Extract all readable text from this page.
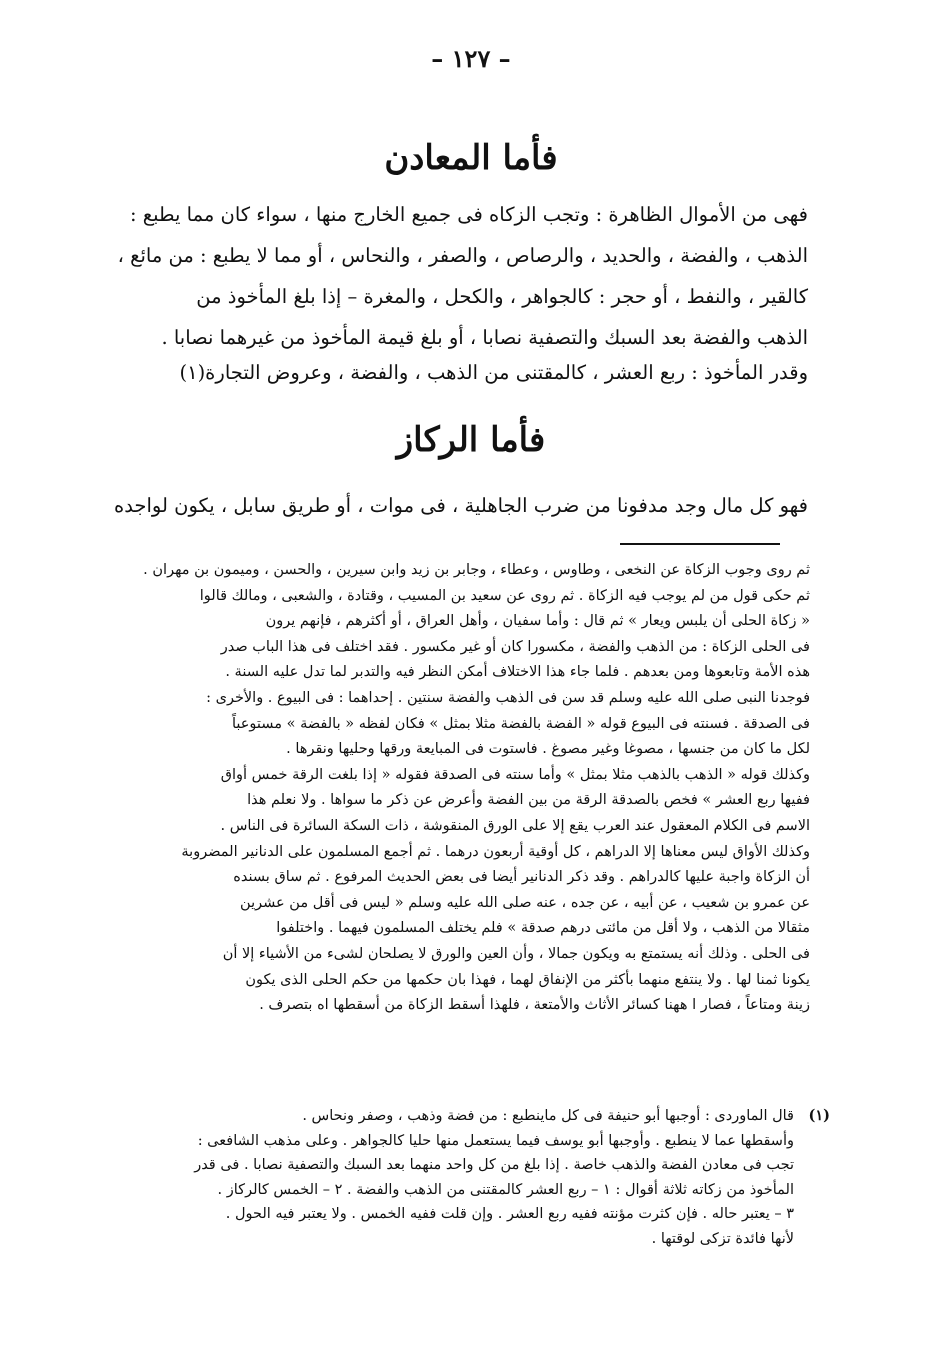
– ١٢٧ –
فأما المعادن

فهى من الأموال الظاهرة : وتجب الزكاه فى جميع الخارج منها ، سواء كان مما يطبع :

الذهب ، والفضة ، والحديد ، والرصاص ، والصفر ، والنحاس ، أو مما لا يطبع : من مائع ،

كالقير ، والنفط ، أو حجر : كالجواهر ، والكحل ، والمغرة – إذا بلغ المأخوذ من

الذهب والفضة بعد السبك والتصفية نصابا ، أو بلغ قيمة المأخوذ من غيرهما نصابا .

وقدر المأخوذ : ربع العشر ، كالمقتنى من الذهب ، والفضة ، وعروض التجارة(١)

فأما الركاز

فهو كل مال وجد مدفونا من ضرب الجاهلية ، فى موات ، أو طريق سابل ، يكون لواجده

ثم روى وجوب الزكاة عن النخعى ، وطاوس ، وعطاء ، وجابر بن زيد وابن سيرين ، والحسن ، وميمون بن مهران .

ثم حكى قول من لم يوجب فيه الزكاة . ثم روى عن سعيد بن المسيب ، وقتادة ، والشعبى ، ومالك قالوا

« زكاة الحلى أن يلبس ويعار » ثم قال : وأما سفيان ، وأهل العراق ، أو أكثرهم ، فإنهم يرون

فى الحلى الزكاة : من الذهب والفضة ، مكسورا كان أو غير مكسور . فقد اختلف فى هذا الباب صدر

هذه الأمة وتابعوها ومن بعدهم . فلما جاء هذا الاختلاف أمكن النظر فيه والتدبر لما تدل عليه السنة .

فوجدنا النبى صلى الله عليه وسلم قد سن فى الذهب والفضة سنتين . إحداهما : فى البيوع . والأخرى :

فى الصدقة . فسنته فى البيوع قوله « الفضة بالفضة مثلا بمثل » فكان لفظه « بالفضة » مستوعباً

لكل ما كان من جنسها ، مصوغا وغير مصوغ . فاستوت فى المبايعة ورقها وحليها ونقرها .

وكذلك قوله « الذهب بالذهب مثلا بمثل » وأما سنته فى الصدقة فقوله « إذا بلغت الرقة خمس أواق

ففيها ربع العشر » فخص بالصدقة الرقة من بين الفضة وأعرض عن ذكر ما سواها . ولا نعلم هذا

الاسم فى الكلام المعقول عند العرب يقع إلا على الورق المنقوشة ، ذات السكة السائرة فى الناس .

وكذلك الأواق ليس معناها إلا الدراهم ، كل أوقية أربعون درهما . ثم أجمع المسلمون على الدنانير المضروبة

أن الزكاة واجبة عليها كالدراهم . وقد ذكر الدنانير أيضا فى بعض الحديث المرفوع . ثم ساق بسنده

عن عمرو بن شعيب ، عن أبيه ، عن جده ، عنه صلى الله عليه وسلم « ليس فى أقل من عشرين

مثقالا من الذهب ، ولا أقل من مائتى درهم صدقة » فلم يختلف المسلمون فيهما . واختلفوا

فى الحلى . وذلك أنه يستمتع به ويكون جمالا ، وأن العين والورق لا يصلحان لشىء من الأشياء إلا أن

يكونا ثمنا لها . ولا ينتفع منهما بأكثر من الإنفاق لهما ، فهذا بان حكمها من حكم الحلى الذى يكون

زينة ومتاعاً ، فصار ا ههنا كسائر الأثاث والأمتعة ، فلهذا أسقط الزكاة من أسقطها اه بتصرف .

(١)

قال الماوردى : أوجبها أبو حنيفة فى كل ماينطبع : من فضة وذهب ، وصفر ونحاس .

وأسقطها عما لا ينطبع . وأوجبها أبو يوسف فيما يستعمل منها حليا كالجواهر . وعلى مذهب الشافعى :

تجب فى معادن الفضة والذهب خاصة . إذا بلغ من كل واحد منهما بعد السبك والتصفية نصابا . فى قدر

المأخوذ من زكاته ثلاثة أقوال : ١ – ربع العشر كالمقتنى من الذهب والفضة . ٢ – الخمس كالركاز .

٣ – يعتبر حاله . فإن كثرت مؤنته ففيه ربع العشر . وإن قلت ففيه الخمس . ولا يعتبر فيه الحول .

لأنها فائدة تزكى لوقتها .
